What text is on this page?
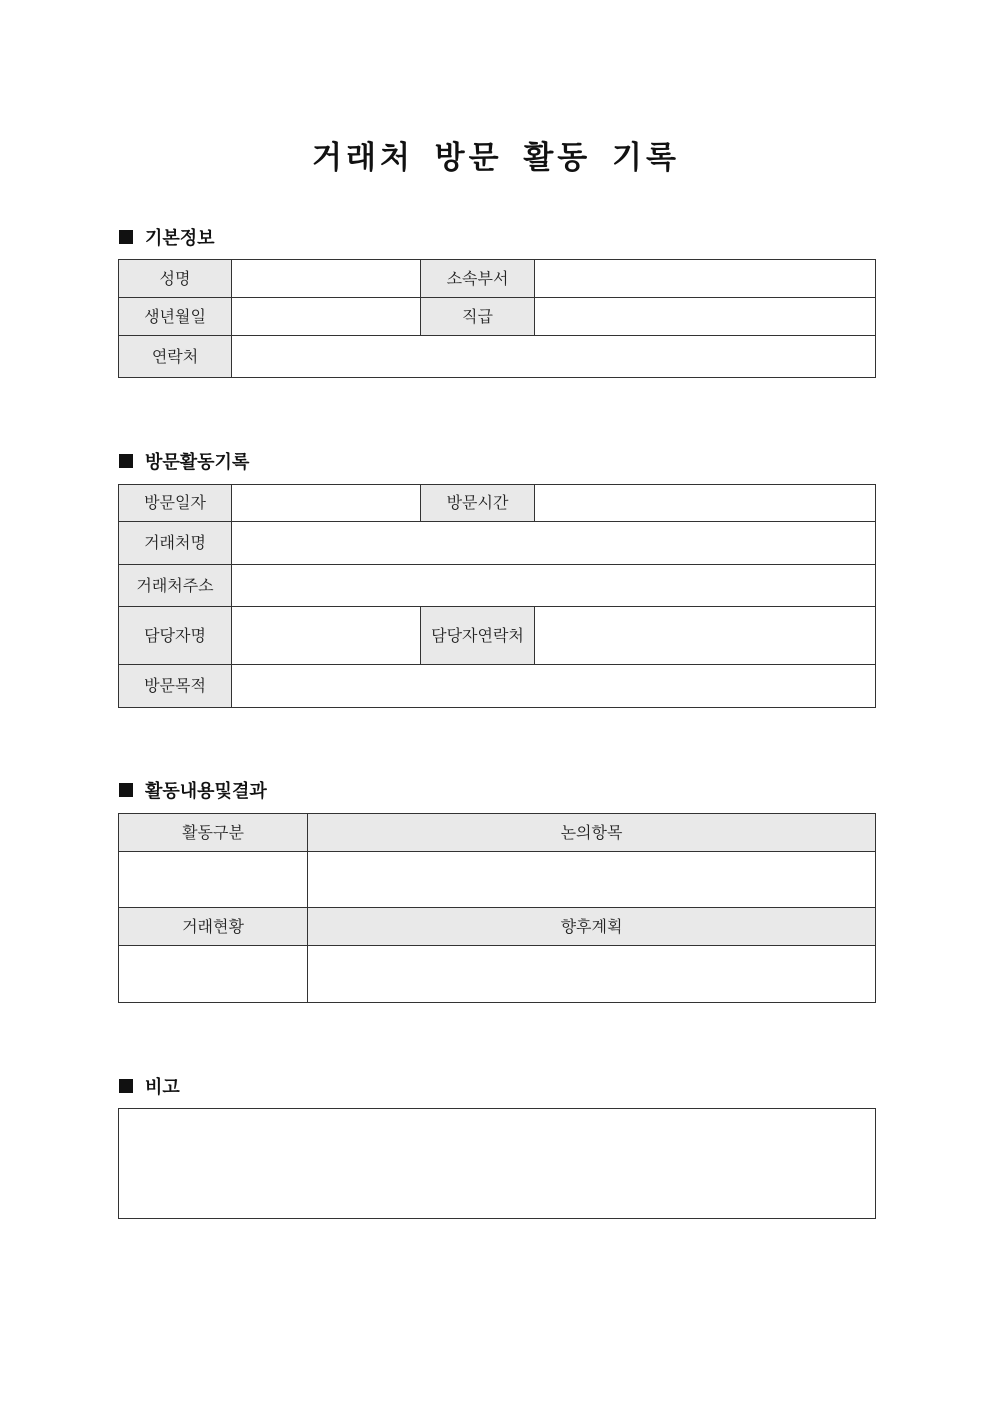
거래처 방문 활동 기록
기본정보
성명		소속부서	
생년월일		직급	
연락처			
방문활동기록
방문일자		방문시간	
거래처명			
거래처주소			
담당자명		담당자연락처	
방문목적			
활동내용및결과
활동구분	논의항목

거래현황	향후계획

비고
